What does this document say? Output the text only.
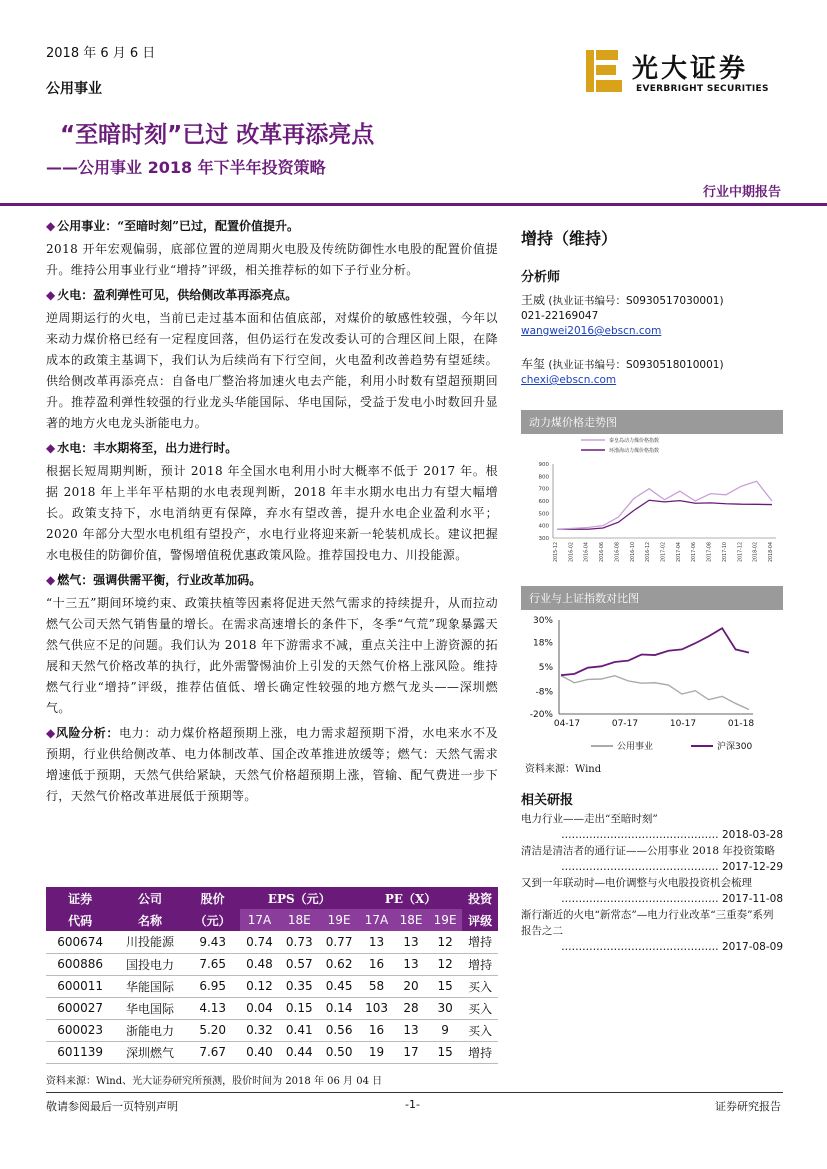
2018 年 6 月 6 日
公用事业
光大证券
EVERBRIGHT SECURITIES
“至暗时刻”已过 改革再添亮点
——公用事业 2018 年下半年投资策略
行业中期报告
◆ 公用事业：“至暗时刻”已过，配置价值提升。
2018 开年宏观偏弱，底部位置的逆周期火电股及传统防御性水电股的配置价值提升。维持公用事业行业“增持”评级，相关推荐标的如下子行业分析。
◆ 火电：盈利弹性可见，供给侧改革再添亮点。
逆周期运行的火电，当前已走过基本面和估值底部，对煤价的敏感性较强，今年以来动力煤价格已经有一定程度回落，但仍运行在发改委认可的合理区间上限，在降成本的政策主基调下，我们认为后续尚有下行空间，火电盈利改善趋势有望延续。供给侧改革再添亮点：自备电厂整治将加速火电去产能，利用小时数有望超预期回升。推荐盈利弹性较强的行业龙头华能国际、华电国际，受益于发电小时数回升显著的地方火电龙头浙能电力。
◆ 水电：丰水期将至，出力进行时。
根据长短周期判断，预计 2018 年全国水电利用小时大概率不低于 2017 年。根据 2018 年上半年平枯期的水电表现判断，2018 年丰水期水电出力有望大幅增长。政策支持下，水电消纳更有保障，弃水有望改善，提升水电企业盈利水平；2020 年部分大型水电机组有望投产，水电行业将迎来新一轮装机成长。建议把握水电极佳的防御价值，警惕增值税优惠政策风险。推荐国投电力、川投能源。
◆ 燃气：强调供需平衡，行业改革加码。
“十三五”期间环境约束、政策扶植等因素将促进天然气需求的持续提升，从而拉动燃气公司天然气销售量的增长。在需求高速增长的条件下，冬季“气荒”现象暴露天然气供应不足的问题。我们认为 2018 年下游需求不减，重点关注中上游资源的拓展和天然气价格改革的执行，此外需警惕油价上引发的天然气价格上涨风险。维持燃气行业“增持”评级，推荐估值低、增长确定性较强的地方燃气龙头——深圳燃气。
◆风险分析：电力：动力煤价格超预期上涨，电力需求超预期下滑，水电来水不及预期，行业供给侧改革、电力体制改革、国企改革推进放缓等；燃气：天然气需求增速低于预期，天然气供给紧缺，天然气价格超预期上涨，管输、配气费进一步下行，天然气价格改革进展低于预期等。
证券	公司	股价	EPS（元）			PE（X）			投资
代码	名称	（元）	17A	18E	19E	17A	18E	19E	评级
600674	川投能源	9.43	0.74	0.73	0.77	13	13	12	增持
600886	国投电力	7.65	0.48	0.57	0.62	16	13	12	增持
600011	华能国际	6.95	0.12	0.35	0.45	58	20	15	买入
600027	华电国际	4.13	0.04	0.15	0.14	103	28	30	买入
600023	浙能电力	5.20	0.32	0.41	0.56	16	13	9	买入
601139	深圳燃气	7.67	0.40	0.44	0.50	19	17	15	增持
资料来源：Wind、光大证券研究所预测，股价时间为 2018 年 06 月 04 日
增持（维持）
分析师
王威 (执业证书编号：S0930517030001)
021-22169047
wangwei2016@ebscn.com
车玺 (执业证书编号：S0930518010001)
chexi@ebscn.com
动力煤价格走势图
秦皇岛动力煤价格指数
环渤海动力煤价格指数
300
400
500
600
700
800
900
2015-12 2016-02 2016-04 2016-06 2016-08 2016-10 2016-12 2017-02 2017-04 2017-06 2017-08 2017-10 2017-12 2018-02 2018-04
行业与上证指数对比图
30%
18%
5%
-8%
-20%
04-17	07-17	10-17	01-18
公用事业	沪深300
资料来源：Wind
相关研报
电力行业——走出“至暗时刻”
……………………………………… 2018-03-28
清洁是清洁者的通行证——公用事业 2018 年投资策略
……………………………………… 2017-12-29
又到一年联动时—电价调整与火电股投资机会梳理
……………………………………… 2017-11-08
渐行渐近的火电“新常态”—电力行业改革“三重奏”系列报告之二
……………………………………… 2017-08-09
敬请参阅最后一页特别声明	-1-	证券研究报告
